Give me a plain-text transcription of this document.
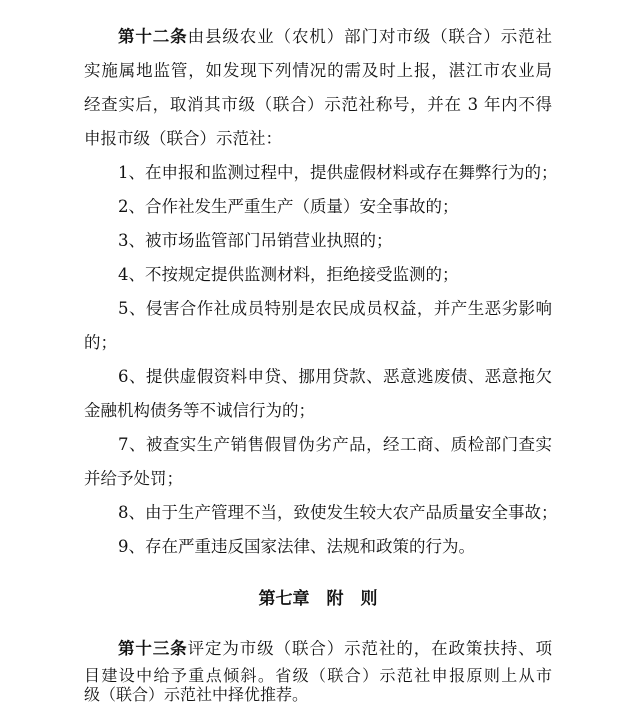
第十二条由县级农业（农机）部门对市级（联合）示范社
实施属地监管，如发现下列情况的需及时上报，湛江市农业局
经查实后，取消其市级（联合）示范社称号，并在 3 年内不得
申报市级（联合）示范社：
1、在申报和监测过程中，提供虚假材料或存在舞弊行为的；
2、合作社发生严重生产（质量）安全事故的；
3、被市场监管部门吊销营业执照的；
4、不按规定提供监测材料，拒绝接受监测的；
5、侵害合作社成员特别是农民成员权益，并产生恶劣影响
的；
6、提供虚假资料申贷、挪用贷款、恶意逃废债、恶意拖欠
金融机构债务等不诚信行为的；
7、被查实生产销售假冒伪劣产品，经工商、质检部门查实
并给予处罚；
8、由于生产管理不当，致使发生较大农产品质量安全事故；
9、存在严重违反国家法律、法规和政策的行为。
第七章　附　则
第十三条评定为市级（联合）示范社的，在政策扶持、项
目建设中给予重点倾斜。省级（联合）示范社申报原则上从市
级（联合）示范社中择优推荐。
